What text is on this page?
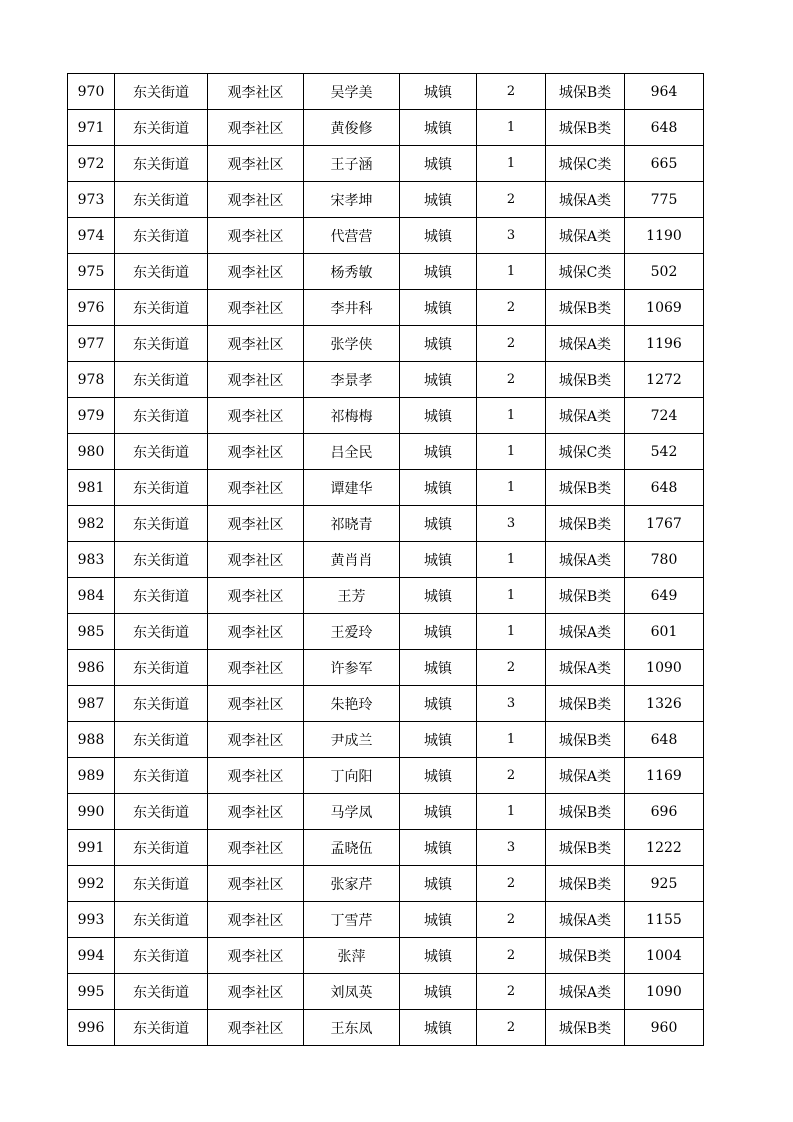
970	东关街道	观李社区	吴学美	城镇	2	城保B类	964
971	东关街道	观李社区	黄俊修	城镇	1	城保B类	648
972	东关街道	观李社区	王子涵	城镇	1	城保C类	665
973	东关街道	观李社区	宋孝坤	城镇	2	城保A类	775
974	东关街道	观李社区	代营营	城镇	3	城保A类	1190
975	东关街道	观李社区	杨秀敏	城镇	1	城保C类	502
976	东关街道	观李社区	李井科	城镇	2	城保B类	1069
977	东关街道	观李社区	张学侠	城镇	2	城保A类	1196
978	东关街道	观李社区	李景孝	城镇	2	城保B类	1272
979	东关街道	观李社区	祁梅梅	城镇	1	城保A类	724
980	东关街道	观李社区	吕全民	城镇	1	城保C类	542
981	东关街道	观李社区	谭建华	城镇	1	城保B类	648
982	东关街道	观李社区	祁晓青	城镇	3	城保B类	1767
983	东关街道	观李社区	黄肖肖	城镇	1	城保A类	780
984	东关街道	观李社区	王芳	城镇	1	城保B类	649
985	东关街道	观李社区	王爱玲	城镇	1	城保A类	601
986	东关街道	观李社区	许参军	城镇	2	城保A类	1090
987	东关街道	观李社区	朱艳玲	城镇	3	城保B类	1326
988	东关街道	观李社区	尹成兰	城镇	1	城保B类	648
989	东关街道	观李社区	丁向阳	城镇	2	城保A类	1169
990	东关街道	观李社区	马学凤	城镇	1	城保B类	696
991	东关街道	观李社区	孟晓伍	城镇	3	城保B类	1222
992	东关街道	观李社区	张家芹	城镇	2	城保B类	925
993	东关街道	观李社区	丁雪芹	城镇	2	城保A类	1155
994	东关街道	观李社区	张萍	城镇	2	城保B类	1004
995	东关街道	观李社区	刘凤英	城镇	2	城保A类	1090
996	东关街道	观李社区	王东凤	城镇	2	城保B类	960
